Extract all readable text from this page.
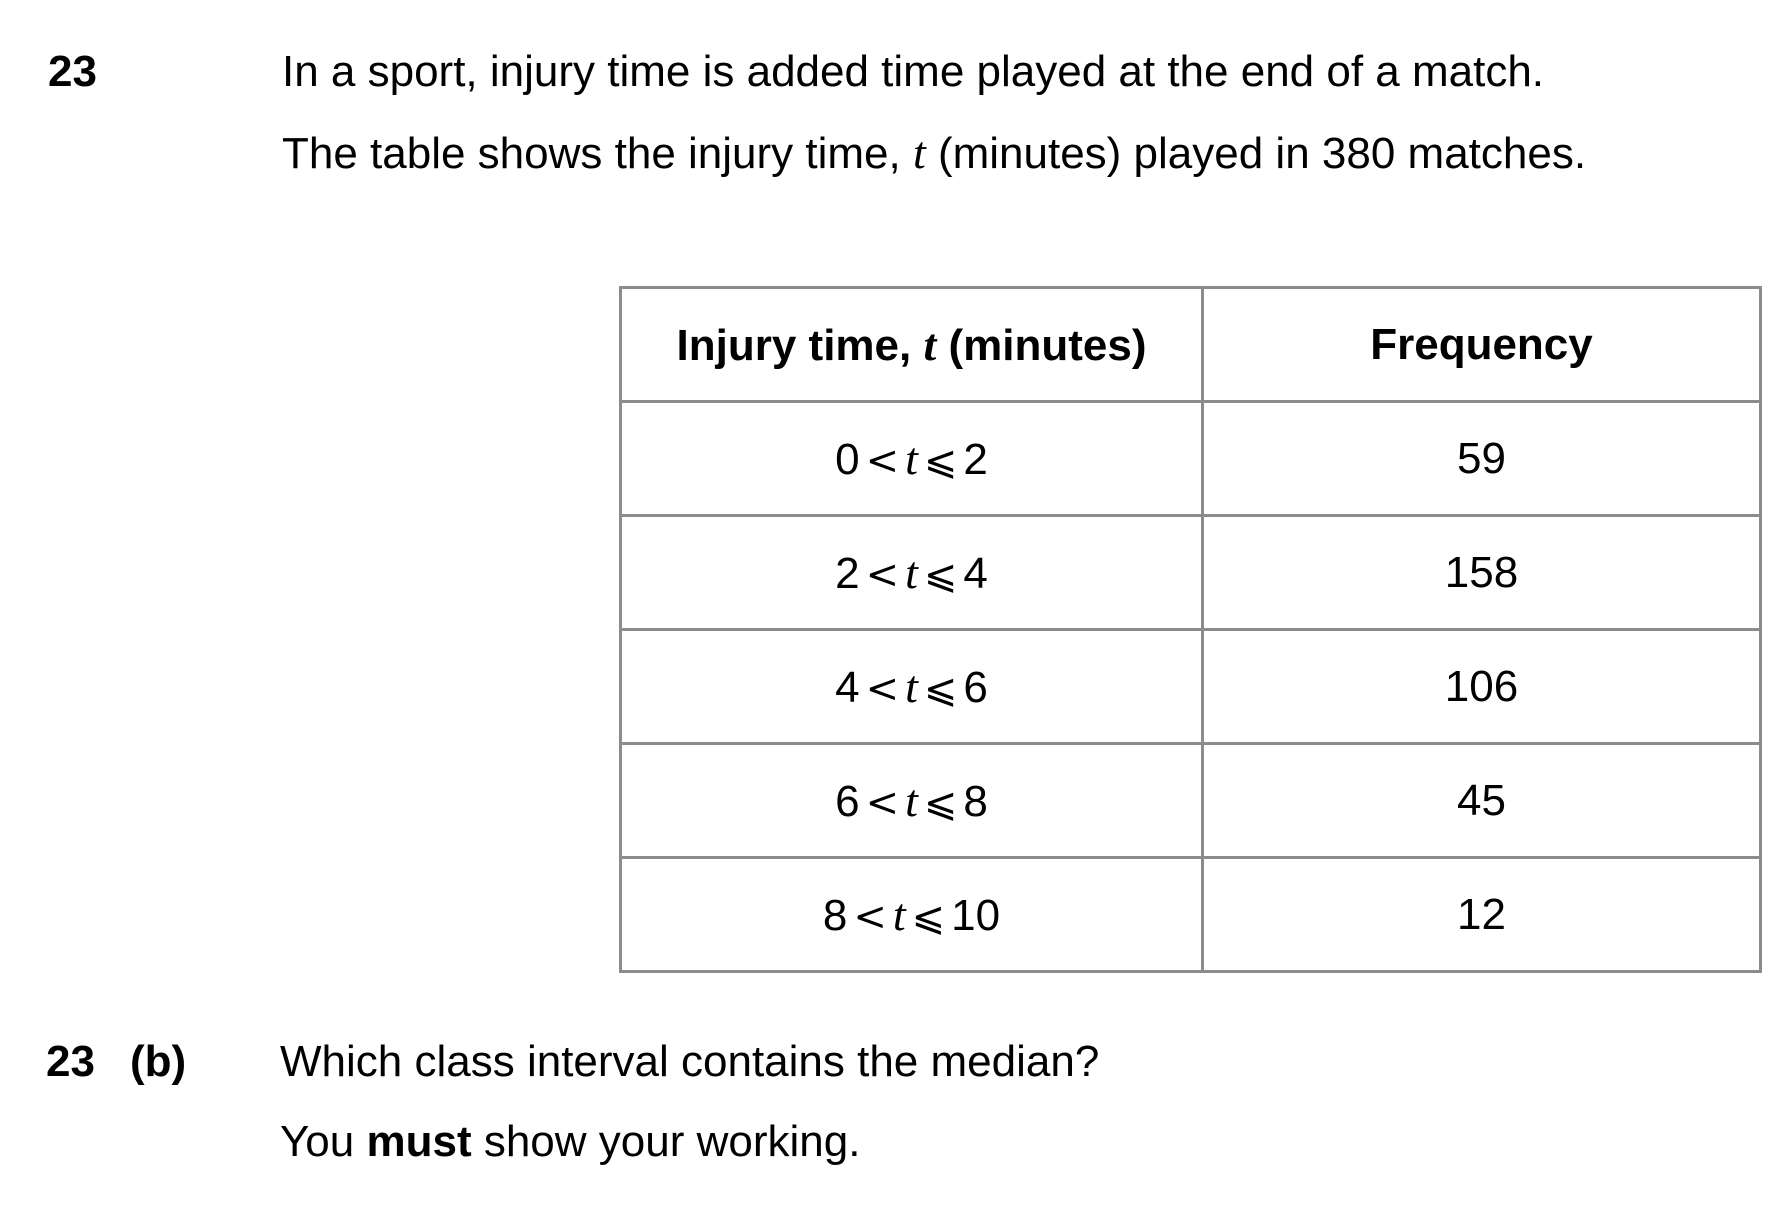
23	In a sport, injury time is added time played at the end of a match.
The table shows the injury time, t (minutes) played in 380 matches.
Injury time, t (minutes)	Frequency
0 < t ⩽ 2	59
2 < t ⩽ 4	158
4 < t ⩽ 6	106
6 < t ⩽ 8	45
8 < t ⩽ 10	12
23 (b) Which class interval contains the median?
You must show your working.
